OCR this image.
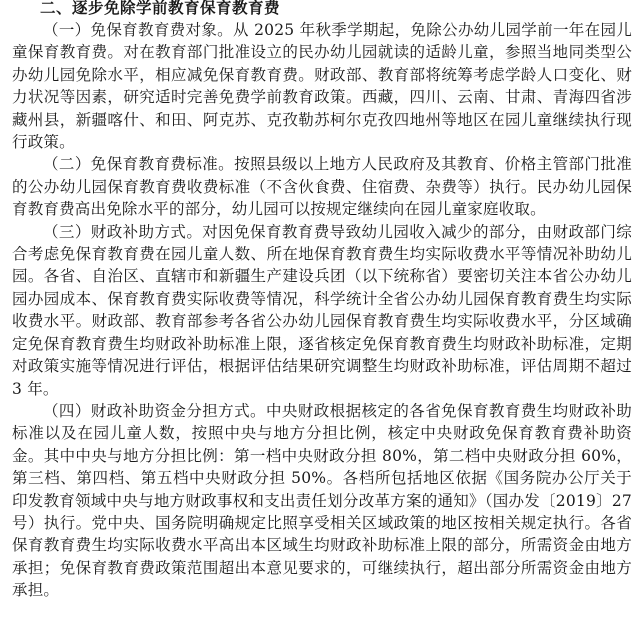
二、逐步免除学前教育保育教育费

（一）免保育教育费对象。从 2025 年秋季学期起，免除公办幼儿园学前一年在园儿童保育教育费。对在教育部门批准设立的民办幼儿园就读的适龄儿童，参照当地同类型公办幼儿园免除水平，相应减免保育教育费。财政部、教育部将统筹考虑学龄人口变化、财力状况等因素，研究适时完善免费学前教育政策。西藏，四川、云南、甘肃、青海四省涉藏州县，新疆喀什、和田、阿克苏、克孜勒苏柯尔克孜四地州等地区在园儿童继续执行现行政策。

（二）免保育教育费标准。按照县级以上地方人民政府及其教育、价格主管部门批准的公办幼儿园保育教育费收费标准（不含伙食费、住宿费、杂费等）执行。民办幼儿园保育教育费高出免除水平的部分，幼儿园可以按规定继续向在园儿童家庭收取。

（三）财政补助方式。对因免保育教育费导致幼儿园收入减少的部分，由财政部门综合考虑免保育教育费在园儿童人数、所在地保育教育费生均实际收费水平等情况补助幼儿园。各省、自治区、直辖市和新疆生产建设兵团（以下统称省）要密切关注本省公办幼儿园办园成本、保育教育费实际收费等情况，科学统计全省公办幼儿园保育教育费生均实际收费水平。财政部、教育部参考各省公办幼儿园保育教育费生均实际收费水平，分区域确定免保育教育费生均财政补助标准上限，逐省核定免保育教育费生均财政补助标准，定期对政策实施等情况进行评估，根据评估结果研究调整生均财政补助标准，评估周期不超过 3 年。

（四）财政补助资金分担方式。中央财政根据核定的各省免保育教育费生均财政补助标准以及在园儿童人数，按照中央与地方分担比例，核定中央财政免保育教育费补助资金。其中中央与地方分担比例：第一档中央财政分担 80%，第二档中央财政分担 60%，第三档、第四档、第五档中央财政分担 50%。各档所包括地区依据《国务院办公厅关于印发教育领域中央与地方财政事权和支出责任划分改革方案的通知》（国办发〔2019〕27 号）执行。党中央、国务院明确规定比照享受相关区域政策的地区按相关规定执行。各省保育教育费生均实际收费水平高出本区域生均财政补助标准上限的部分，所需资金由地方承担；免保育教育费政策范围超出本意见要求的，可继续执行，超出部分所需资金由地方承担。
